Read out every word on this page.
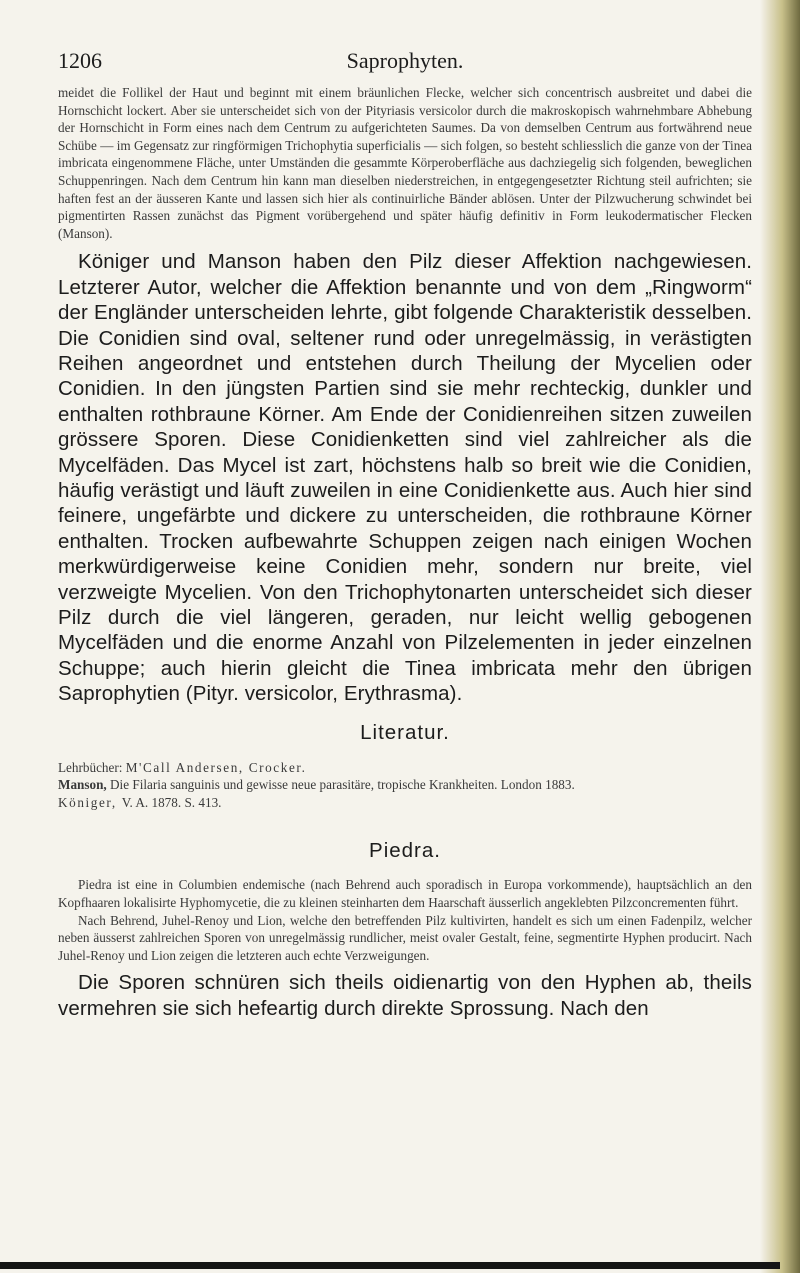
1206	Saprophyten.

meidet die Follikel der Haut und beginnt mit einem bräunlichen Flecke, welcher sich concentrisch ausbreitet und dabei die Hornschicht lockert. Aber sie unterscheidet sich von der Pityriasis versicolor durch die makroskopisch wahrnehmbare Abhebung der Hornschicht in Form eines nach dem Centrum zu aufgerichteten Saumes. Da von demselben Centrum aus fortwährend neue Schübe — im Gegensatz zur ringförmigen Trichophytia superficialis — sich folgen, so besteht schliesslich die ganze von der Tinea imbricata eingenommene Fläche, unter Umständen die gesammte Körperoberfläche aus dachziegelig sich folgenden, beweglichen Schuppenringen. Nach dem Centrum hin kann man dieselben niederstreichen, in entgegengesetzter Richtung steil aufrichten; sie haften fest an der äusseren Kante und lassen sich hier als continuirliche Bänder ablösen. Unter der Pilzwucherung schwindet bei pigmentirten Rassen zunächst das Pigment vorübergehend und später häufig definitiv in Form leukodermatischer Flecken (Manson).

Königer und Manson haben den Pilz dieser Affektion nachgewiesen. Letzterer Autor, welcher die Affektion benannte und von dem „Ringworm“ der Engländer unterscheiden lehrte, gibt folgende Charakteristik desselben. Die Conidien sind oval, seltener rund oder unregelmässig, in verästigten Reihen angeordnet und entstehen durch Theilung der Mycelien oder Conidien. In den jüngsten Partien sind sie mehr rechteckig, dunkler und enthalten rothbraune Körner. Am Ende der Conidienreihen sitzen zuweilen grössere Sporen. Diese Conidienketten sind viel zahlreicher als die Mycelfäden. Das Mycel ist zart, höchstens halb so breit wie die Conidien, häufig verästigt und läuft zuweilen in eine Conidienkette aus. Auch hier sind feinere, ungefärbte und dickere zu unterscheiden, die rothbraune Körner enthalten. Trocken aufbewahrte Schuppen zeigen nach einigen Wochen merkwürdigerweise keine Conidien mehr, sondern nur breite, viel verzweigte Mycelien. Von den Trichophytonarten unterscheidet sich dieser Pilz durch die viel längeren, geraden, nur leicht wellig gebogenen Mycelfäden und die enorme Anzahl von Pilzelementen in jeder einzelnen Schuppe; auch hierin gleicht die Tinea imbricata mehr den übrigen Saprophytien (Pityr. versicolor, Erythrasma).

Literatur.
Lehrbücher: M'Call Andersen, Crocker.
Manson, Die Filaria sanguinis und gewisse neue parasitäre, tropische Krankheiten. London 1883.
Königer, V. A. 1878. S. 413.
Piedra.

Piedra ist eine in Columbien endemische (nach Behrend auch sporadisch in Europa vorkommende), hauptsächlich an den Kopfhaaren lokalisirte Hyphomycetie, die zu kleinen steinharten dem Haarschaft äusserlich angeklebten Pilzconcrementen führt.

Nach Behrend, Juhel-Renoy und Lion, welche den betreffenden Pilz kultivirten, handelt es sich um einen Fadenpilz, welcher neben äusserst zahlreichen Sporen von unregelmässig rundlicher, meist ovaler Gestalt, feine, segmentirte Hyphen producirt. Nach Juhel-Renoy und Lion zeigen die letzteren auch echte Verzweigungen.

Die Sporen schnüren sich theils oidienartig von den Hyphen ab, theils vermehren sie sich hefeartig durch direkte Sprossung. Nach den
